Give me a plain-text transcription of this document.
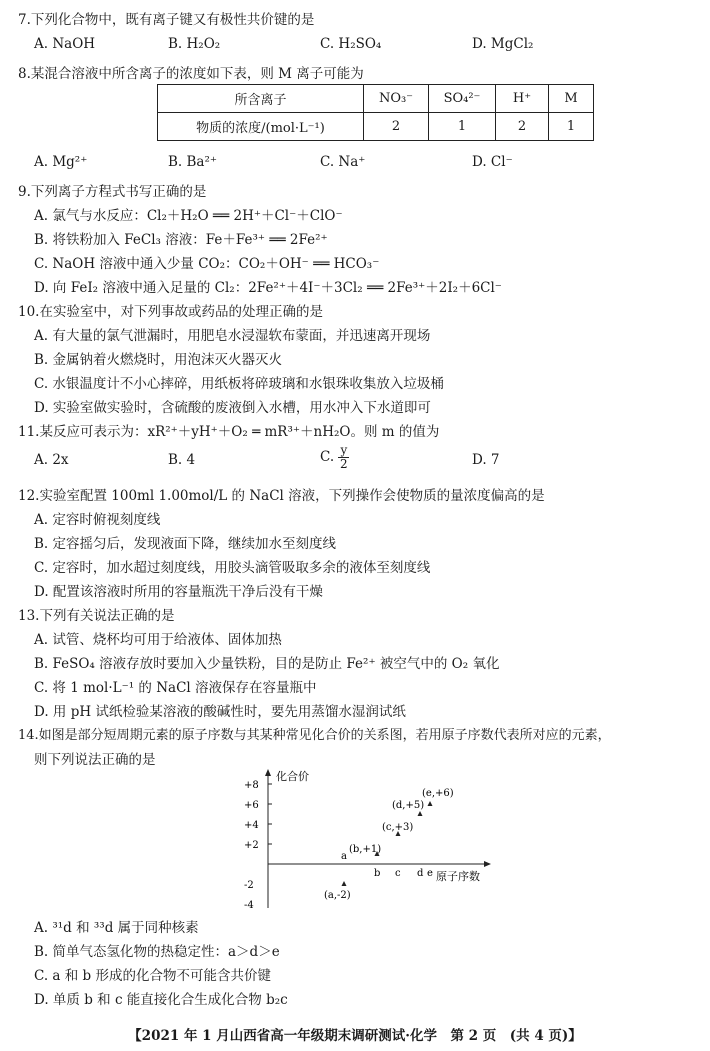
7.下列化合物中，既有离子键又有极性共价键的是
A. NaOH	B. H₂O₂	C. H₂SO₄	D. MgCl₂
8.某混合溶液中所含离子的浓度如下表，则 M 离子可能为
所含离子	NO₃⁻	SO₄²⁻	H⁺	M
物质的浓度/(mol·L⁻¹)	2	1	2	1
A. Mg²⁺	B. Ba²⁺	C. Na⁺	D. Cl⁻
9.下列离子方程式书写正确的是
A. 氯气与水反应：Cl₂＋H₂O ══ 2H⁺＋Cl⁻＋ClO⁻
B. 将铁粉加入 FeCl₃ 溶液：Fe＋Fe³⁺ ══ 2Fe²⁺
C. NaOH 溶液中通入少量 CO₂：CO₂＋OH⁻ ══ HCO₃⁻
D. 向 FeI₂ 溶液中通入足量的 Cl₂：2Fe²⁺＋4I⁻＋3Cl₂ ══ 2Fe³⁺＋2I₂＋6Cl⁻
10.在实验室中，对下列事故或药品的处理正确的是
A. 有大量的氯气泄漏时，用肥皂水浸湿软布蒙面，并迅速离开现场
B. 金属钠着火燃烧时，用泡沫灭火器灭火
C. 水银温度计不小心摔碎，用纸板将碎玻璃和水银珠收集放入垃圾桶
D. 实验室做实验时，含硫酸的废液倒入水槽，用水冲入下水道即可
11.某反应可表示为：xR²⁺＋yH⁺＋O₂ ═ mR³⁺＋nH₂O。则 m 的值为
A. 2x	B. 4	C. $\frac{y}{2}$	D. 7
12.实验室配置 100ml 1.00mol/L 的 NaCl 溶液，下列操作会使物质的量浓度偏高的是
A. 定容时俯视刻度线
B. 定容摇匀后，发现液面下降，继续加水至刻度线
C. 定容时，加水超过刻度线，用胶头滴管吸取多余的液体至刻度线
D. 配置该溶液时所用的容量瓶洗干净后没有干燥
13.下列有关说法正确的是
A. 试管、烧杯均可用于给液体、固体加热
B. FeSO₄ 溶液存放时要加入少量铁粉，目的是防止 Fe²⁺ 被空气中的 O₂ 氧化
C. 将 1 mol·L⁻¹ 的 NaCl 溶液保存在容量瓶中
D. 用 pH 试纸检验某溶液的酸碱性时，要先用蒸馏水湿润试纸
14.如图是部分短周期元素的原子序数与其某种常见化合价的关系图，若用原子序数代表所对应的元素，
则下列说法正确的是
化合价
原子序数
+8
+6
+4
+2
-2
-4
a
b c d e
(a,-2)
(b,+1)
(c,+3)
(d,+5)
(e,+6)
A. ³¹d 和 ³³d 属于同种核素
B. 简单气态氢化物的热稳定性：a＞d＞e
C. a 和 b 形成的化合物不可能含共价键
D. 单质 b 和 c 能直接化合生成化合物 b₂c
【2021 年 1 月山西省高一年级期末调研测试·化学　第 2 页　(共 4 页)】
